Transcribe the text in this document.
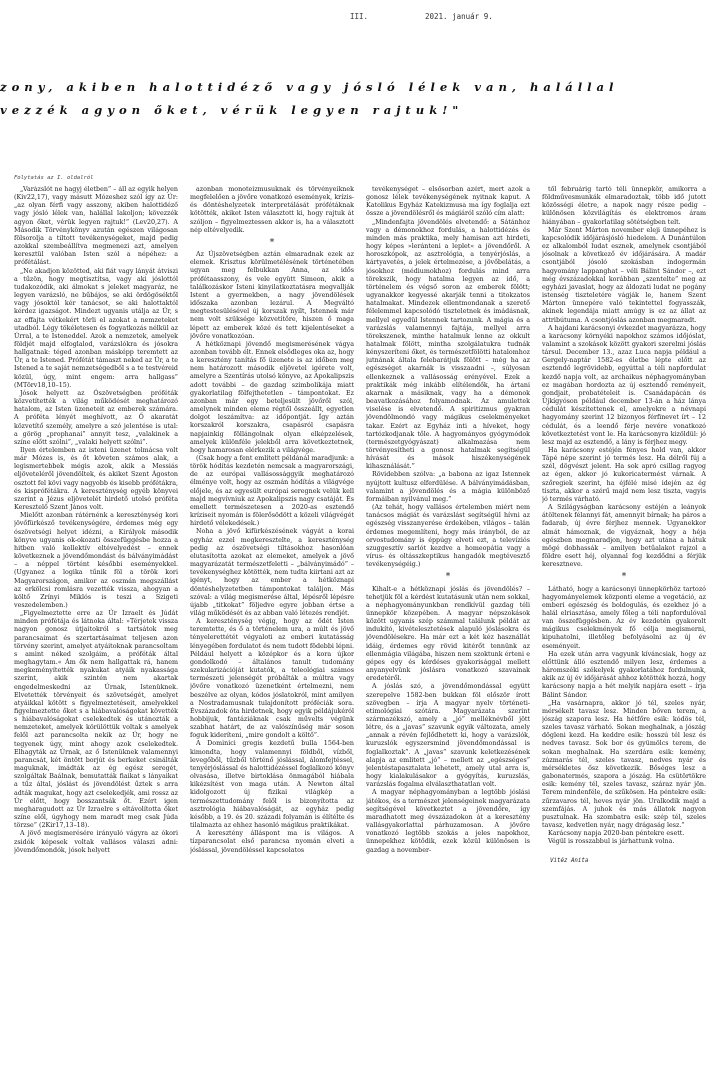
III.	2021. január 9.
zony, akiben halottidéző vagy jósló lélek van, halállal
vezzék agyon őket, vérük legyen rajtuk!"
Folytatás az I. oldalról

„Varázslót ne hagyj életben” – áll az egyik helyen (Kiv22,17), vagy másutt Mózeshez szól így az Úr: „az olyan férfi vagy asszony, akiben halottidéző vagy jósló lélek van, halállal lakoljon; kövezzék agyon őket, vérük legyen rajtuk!” (Lev20,27). A Második Törvénykönyv azután egészen világosan fölsorolja a tiltott tevékenységeket, majd pedig azokkal szembeállítva megmenezi azt, amelyen keresztül valóban Isten szól a népéhez: a prófétálást.

„Ne akadjon közötted, aki fiát vagy lányát átviszi a tűzön, hogy megtisztítsa, vagy aki jóslottól tudakozódik, aki álmokat s jeleket magyaráz, ne legyen varázsló, ne bűbájos, se aki ördögöséktől vagy jósoktól kér tanácsot, se aki halottaktól kérdez igazságot. Mindezt ugyanis utálja az Úr, s az effajta vétkekért törli el azokat a nemzeteket utadból. Légy tökéletesen és fogyatkozás nélkül az Úrral, a te Isteneddel. Azok a nemzetek, amelyek földjét majd elfoglalod, varázslókra és jósokra hallgatnak: téged azonban másképp teremtett az Úr, a te Istened. Prófétát támaszt neked az Úr, a te Istened a te saját nemzetségedből s a te testvéreid közül, úgy, mint engem: arra hallgass” (MTörv18,10–15).

Jósok helyett az Ószövetségben próféták közvetítették a világ működését meghatározó hatalom, az Isten üzeneteit az emberek számára. A próféta lényét meghívott, az Ő akaratát közvetítő személy, amelyre a szó jelentése is utal: a görög „prophanai” annyit tesz, „valakinek a színe előtt szólni”, „valaki helyett szólni”.

Ilyen értelemben az isteni üzenet tolmácsa volt már Mózes is, és őt követen számos alak, a legismertebbek mégis azok, akik a Messiás eljöveteléről jövendöltek, és akiket Szent Ágoston osztott fel kövi vagy nagyobb és kisebb prófétákra, és kisprófétákra. A kereszténység egyéb könyvei szerint a Jézus eljövetelét hirdető utolsó próféta Keresztelő Szent János volt.

Mielőtt azonban rátérnénk a kereszténység kori jövőfürkésző tevékenységére, érdemes még egy ószövetségi helyet idézni, a Királyok második könyve ugyanis ok-okozati összefüggésbe hozza a hitben való kollektív eltévelyedést – ennek következnek a jövendőmondást és bálványimádást – a néppel történt későbbi eseményekkel. (Ugyanez a logika tűnik föl a török kori Magyarországon, amikor az oszmán megszállást az erkölcsi romlásra vezették vissza, ahogyan a költő Zrínyi Miklós is teszi a Szigeti veszedelemben.)

„Figyelmeztette erre az Úr Izraelt és Júdát minden prófétája és látnoka által: »Térjetek vissza nagyon gonosz útjaitokról s tartsátok meg parancsaimat és szertartásaimat teljesen azon törvény szerint, amelyet atyáitoknak parancsoltam s amint néked szolgáim, a próféták által meghagytam.« Ám ők nem hallgattak rá, hanem megkeményítették nyakukat atyáik nyakassága szerint, akik szintén nem akartak engedelmeskedni az Úrnak, Istenüknek. Elvetették törvényeit és szövetségét, amelyet atyáikkal kötött s figyelmeztetéseit, amelyekkel figyelmeztette őket s a hiábavalóságokat követték s hiábavalóságokat cselekedtek és utánozták a nemzeteket, amelyek körülöttük voltak s amelyek felől azt parancsolta nekik az Úr, hogy ne tegyenek úgy, mint ahogy azok cselekedtek. Elhagyták az Úrnak, az ő Istenüknek valamennyi parancsát, két öntött borjút és berkeket csinálták maguknak, imádták az ég egész seregét, szolgáltak Baálnak, bemutatták fiaikat s lányaikat a tűz által, jóslást és jövendölést űztek s arra adták magukat, hogy azt cselekedjék, ami rossz az Úr előtt, hogy bosszantsák őt. Ezért igen megharagudott az Úr Izraelre s eltávolította őket színe elől, úgyhogy nem maradt meg csak Júda törzse” (2Kir17,13–18).

A jövő megismerésére irányuló vágyra az ókori zsidók képesek voltak vallásos válaszi adni: jövendőmondók, jósok helyett

azonban monoteizmusuknak és törvényeiknek megfelelően a jövőre vonatkozó események, krízis- és döntéshelyzetek interpretálását prófétáknak kötötték, akiket Isten választott ki, hogy rajtuk át szóljon – figyelmeztessen akkor is, ha a választott nép eltévelyedik.

*

Az Újszövetségben aztán elmaradnak ezek az elemek. Krisztus körülmetélésének történetében ugyan meg felbukkan Anna, az idős prófétaasszony, és vele együtt Simeon, akik a találkozáskor Isteni kinyilatkoztatásra megvallják Istent a gyermekben, a nagy jövendölések időszaka azonban lezárul. A Megváltó megtestesülésével új korszak nyílt, Istennek már nem volt szüksége közvetítőre, hiszen ő maga lépett az emberek közé és tett kijelentéseket a jövőre vonatkozóan.

A hétköznapi jövendő megismerésének vágya azonban tovább élt. Ennek elsődleges oka az, hogy a keresztény tanítás fő üzenete is az időben meg nem határozott második eljövetel igérete volt, amelyre a Szentírás utolsó könyve, az Apokalipszis adott további – de gazdag szimbolikája miatt gyakorlatilag fölfejthetetlen – támpontokat. Ez azonban már egy beteljesült jövőről szól, amelynek minden eleme régtől összeállt, egyetlen dolgot leszámítva: az időpontját. Így aztán korszakról korszakra, csapásról csapásra napjainkig föllángolnak olyan elképzelések, amelyek különféle jelekből arra következtetnek, hogy hamarosan elérkezik a világvége.

(Csak hogy a fent említett példánál maradjunk: a török hódítás kezdetén nemcsak a magyarországi, de az európai vallásossággyik meghatározó élménye volt, hogy az oszmán hódítás a világvége előjele, és az egyesült európai seregnek velük kell majd megvívniuk az Apokalipszis nagy csatáját. És emellett természetesen a 2020-as esztendő kríziseit nyomán is fölerősödött a közeli világvégét hirdető vélekedések.)

Noha a jövő kifürkészésének vágyát a korai egyház ezzel megkeresztelte, a kereszténység pedig az ószövetségi tiltásokhoz hasonlóan elutasította azokat az elemeket, amelyek a jövő magyarázatát természetfeletti – „bálványimádó” – tevékenységhez kötötték, nem tudta kiirtani azt az igényt, hogy az ember a hétköznapi döntéshelyzetetben támpontokat találjon. Más szóval: a világ megismerése által, lépésről lépésre újabb „titkokat” följedve egyre jobban értse a világ működését és az abban való létezés rendjét.

A kereszténység végig, hogy az ődét Isten teremtette, és ő a történelem ura, a múlt és jövő tényelerettétét végyaloti az emberi kutatásság lényegében fordulatot és nem tudott födebbi lépni. Például helyett a középkor és a kora újkor gondolkodó – általános tanult tudomány szekularizációját kutatók, a teleológiai számos természeti jelenségét próbálták a múltra vagy jövőre vonatkozó üzenetként értelmezni, nem beszélve az olyan, kódos jóslatokról, mint amilyen a Nostradamusnak tulajdonított próféciák sora. Évszázadok óta hirdetnek, hogy egyik példájukéról hobbijuk, fantáziáknak csak művelts végünk szabhat határt, de az valószínűség már soson foguk kideríteni, „mire gondolt a költő”.

A Dominici gregis kezdetű bulla 1564-ben kimondta, hogy valamennyi földből, vízből, levegőből, tűzből történő jóslással, álomfejtéssel, tenyérjóslással és halottidézéssel foglalkozó könyv olvasása, illetve birtoklása önmagából hiábala kikézsítést von maga után. A Newton által kidolgozott új fizikai világkép a természettudomány felől is bizonyította az asztrológia hiábavalóságát, az egyház pedig később, a 19. és 20. századi folyamán is élítélte és tilalmazta az ehhez hasonló mágikus praktikákat.

A keresztény álláspont ma is világos. A tízparancsolat első parancsa nyomán elveti a jóslással, jövendöléssel kapcsolatos

tevékenységet – elsősorban azért, mert azok a gonosz lélek tevékenységének nyitnak kaput. A Katolikus Egyház Katekizmusa ma így foglalja ezt össze a jövendölésről és mágiáról szóló cím alatt:

„Mindenfajta jövendölés elvetendő: a Sátánhoz vagy a démonokhoz fordulás, a halottidézés és minden más praktika, mely hamisan azt hirdeti, hogy képes »leránteni a leplet« a jövendőről. A horoszkópok, az asztrológia, a tenyérjóslás, a kártyavetés, a jelek értelmezése, a jövőbelátás, a jósokhoz (médiumokhoz) fordulás mind arra törekszik, hogy hatalma legyen az idő, a történelem és végső soron az emberek fölött; ugyanakkor kegyessé akarják tenni a titokzatos hatalmakat. Mindezek ellentmondanak a szerető félelemmel kapcsolódó tiszteletnek és imádásnak, mellyel egyedül Istennek tartozunk. A mágia és a varázslás valamennyi fajtája, mellyel arra törekszenek, minthe hatalmuk lenne az okkult hatalmak fölött, mintha szolgálatukra tudnák kényszeríteni őket, és természetfölötti hatalomhoz jutnának általa felebarátjuk fölött – még ha az egészséget akarnák is visszaadni –, súlyosan ellenkeznek a vallásosság erényével. Ezek a praktikák még inkább elítélendők, ha ártani akarnak a másiknak, vagy ha a démonok beavatkozásához folyamodnak. Az amulettek viselése is elvetendő. A spiritizmus gyakran jövendölmondó vagy mágikus cselekményeket takar. Ezért az Egyház inti a híveket, hogy tartózkodjanak tőle. A hagyományos gyógymódok (természetgyógyászat) alkalmazása nem törvényesítheti a gonosz hatalmak segítségül hívását és mások hiszékenységének kihasználását.”

Rövidebben szólva: „a babona az igaz Istennek nyújtott kultusz elferdülése. A bálványimádásban, valamint a jövendölés és a mágia különböző formáiban nyilvánul meg.”

(Az tehát, hogy vallásos értelemben miért nem tanácsos mágiát és varázslást segítségül hívni az egészség visszanyerése érdekében, világos – talán érdemes megemlíteni, hogy más irányból, de az orvostudomány is éppúgy elveti ezt, a televíziós szuggesztív sarlót kezdve a homeopátia vagy a vírus- és oltásszkeptikus hangadók megtévesztő tevékenységéig.)

*

Kihalt-e a hétköznapi jóslás és jövendölés? – tehetjük föl a kérdést kutatásunk után nem sokkal, a néphagyományunkban rendkívül gazdag téli ünnepkör közepében. A magyar népszokások között ugyanis szép számmal találunk példát az indukító, kivételesztetések alapuló jóslásokra és jövendölésekre. Ha már ezt a két kéz használlát idáig, érdemes egy rövid kitérőt tennünk az ellenmágia világába, hiszen nem szoktunk érteni e gépes egy és kérdéses gyakorisággal mellett anyanyelvünk jóslásra vonatkozó szavainak eredetéről.

A jóslás szó, a jövendőmondással együtt szerepelve 1582-ben bukkan föl először írott szövegben – írja A magyar nyelv történeti-etimológiai szótára. Magyarázata szerint származékszó, amely a „jó” melléknévből jött létre, és a „javas” szavunk egyik változata, amely „annak a révén fejlődhetett ki, hogy a varázslók, kuruzslók egyszersmind jövendőmondással is foglalkoztak”. A „javas” szavunk keletkezésének alapja az emlitett „jó” – mellett az „egészséges” jelentéstapasztalata lehetett, amely utal arra is, hogy kialakulásakor a gyógyítás, kuruzslás, varázslás fogalma elválaszthatatlan volt.

A magyar néphagyományban a legtöbb jóslási játékos, és a természet jelenségeinek magyarázata segítségével következtet a jövendőre, így maradhatott meg évszázadokon át a keresztény vallásgyakorlattal párhuzamosan. A jövőre vonatkozó legtöbb szokás a jeles napokhoz, ünnepekhez kötődik, ezek közül különösen is gazdag a november-

től februárig tartó téli ünnepkör, amikorra a földművesmunkák elmaradoztak, több idő jutott közösségi életre, a napok nagy része pedig – különösen közvilágítás és elektromos áram hiányában – gyakorlatilag sötétségben telt.

Már Szent Márton november eleji ünnepéhez is kapcsolódik időjárásjósló hiedelem. A Dunántúlon ez alkalomból ludat esznek, amelynek csontjából jósolnak a következő év időjárására. A madár csontjából jósoló szokásban indogermán hagyomány lappanghat – véli Bálint Sándor –, ezt még évszázadokkal korábban „szentelte” meg az egyházi javaslat, hogy az áldozati ludat ne pogány istenség tiszteletére vágják le, hanem Szent Márton ünnepére való tekintettel fogyasszák, akinek legendája miatt amúgy is ez az állat az attribútuma. A csontjóslás azonban megmaradt.

A hajdani karácsonyi évkezdet magyarázza, hogy a karácsony környéki napokhoz számos időjóslat, valamint a szokások között gyakori szerelmi jóslás társul. December 13., azaz Luca napja például a Gergely-naptár 1582-es életbe lépte előtt az esztendő legrövidebb, egyúttal a téli napfordulat kezdő napja volt, az archaikus néphagyományban ez magában hordozta az új esztendő reményeit, gondjait, probatételeit is. Csanádapácán és Újkígyóson például december 13-án a ház lánya cédulát készítettenek el, amelyekre a névnapi hagyomány szerint 12 bizonyos férfinevet írt – 12 cédulát, és a leendő férje nevére vonatkozó következtetést vont le. Ha karácsonyra kizöldül: jó lesz majd az esztendő, a lány is férjhez megy.

Ha karácsony estéjén fényes hold van, akkor Tápé népe szerint jó termés lesz. Ha délről fúj a szél, dögvészt jelent. Ha sok apró csillag ragyog az égen, akkor jó kukoricatermést várnak. A szőregiek szerint, ha éjfélé misé idején az ég tiszta, akkor a szérű majd nem lesz tiszta, vagyis jó termés várható.

A Szilágyságban karácsony estéjén a leányok átöltenek félannyi fát, amennyit bírnak; ha páros a fadarab, új évre férjhez mennek. Ugyanekkor almát hámoznak, de vigyáznak, hogy a héja egészben megmaradjon, hogy azt utána a hátuk mögé dobhassák – amilyen betűalakot rajzol a földre esett héj, olyannal fog kezdődni a férjük keresztneve.

*

Látható, hogy a karácsonyi ünnepkörhöz tartozó hagyományelemek központi eleme a vegetáció, az emberi egészség és boldogulás, és ezekhez jó a halál elriasztása, amely főleg a téli napfordulóval van összefüggésben. Az év kezdetén gyakorolt mágikus cselekmények fő célja megismerni, kipuhatolni, illetőleg befolyásolni az új év eseményeit.

Ha ezek után arra vagyunk kíváncsiak, hogy az előttünk álló esztendő milyen lesz, érdemes a háromszéki székelyek gyakorlatához fordulnunk, akik az új év időjárását ahhoz kötötték hozzá, hogy karácsony napja a hét melyik napjára esett – írja Bálint Sándor.

„Ha vasárnapra, akkor jó tél, szeles nyár, mérsékelt tavasz lesz. Minden bőven terem, a jószág szapora lesz. Ha hétfőre esik: kódös tél, szeles tavasz várható. Sokan meghalnak, a jószág dögleni kezd. Ha keddre esik: hosszú tél lesz és nedves tavasz. Sok bor és gyümölcs terem, de sokan meghalnak. Ha szerdára esik: kemény, zúzmarás tél, szeles tavasz, nedves nyár és mérsékletes ősz következik. Bőséges lesz a gabonatermés, szapora a jószág. Ha csütörtökre esik: kemény tél, szeles tavasz, száraz nyár jön. Terem mindenféle, de szűkösen. Ha péntekre esik: zűrzavaros tél, heves nyár jön. Uralkodik majd a szemfájás. A juhok és más állatok nagyon pusztulnak. Ha szombatra esik: szép tél, szeles tavasz, kedvetlen nyár, nagy drágaság lesz.”

Karácsony napja 2020-ban péntekre esett.

Végül is rosszabbul is járhattunk volna.

Vitéz Anita
